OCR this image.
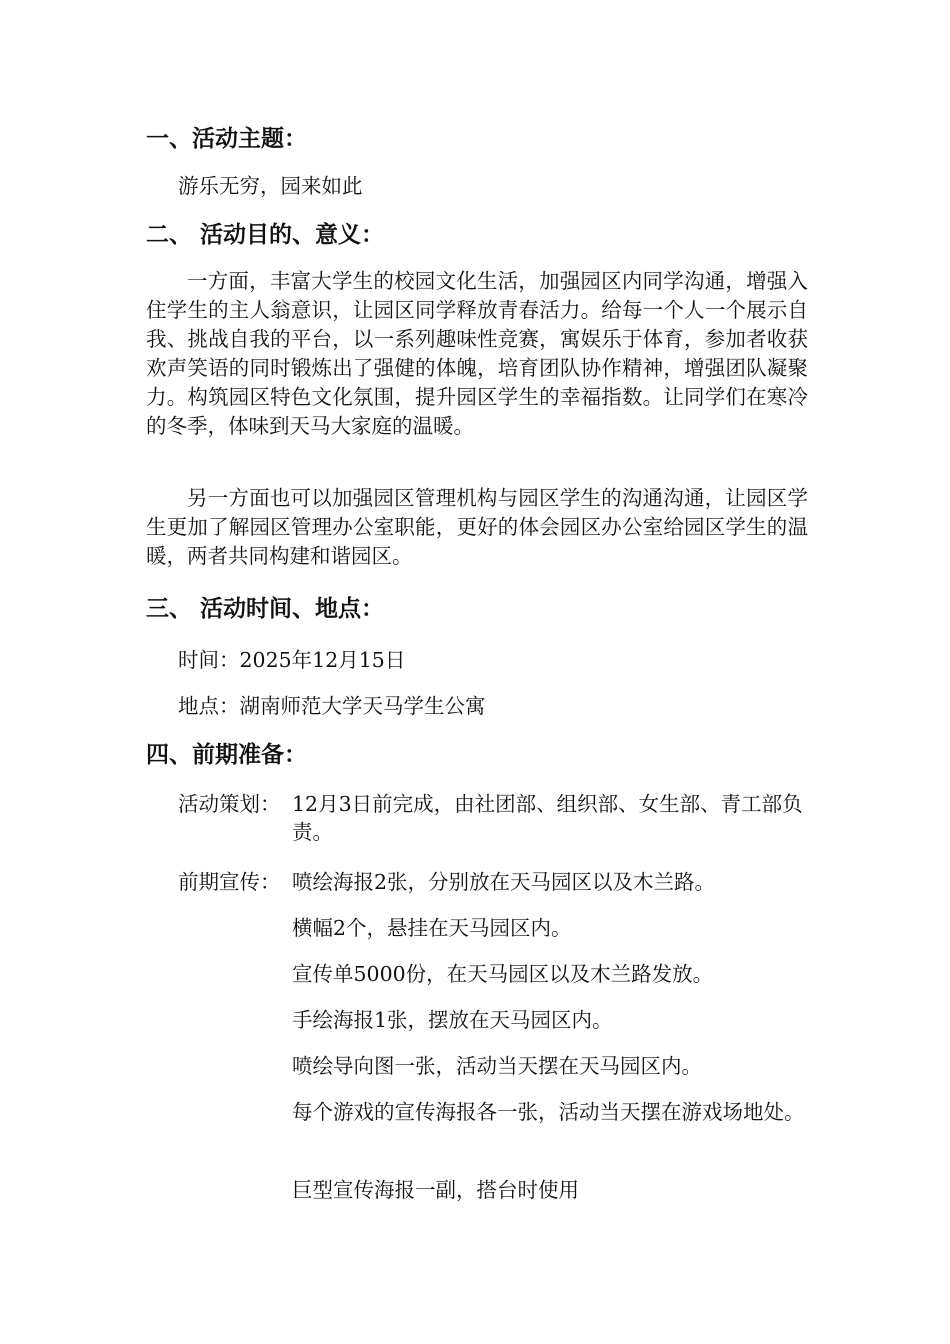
一、活动主题：
游乐无穷，园来如此
二、 活动目的、意义：
一方面，丰富大学生的校园文化生活，加强园区内同学沟通，增强入住学生的主人翁意识，让园区同学释放青春活力。给每一个人一个展示自我、挑战自我的平台，以一系列趣味性竞赛，寓娱乐于体育，参加者收获欢声笑语的同时锻炼出了强健的体魄，培育团队协作精神，增强团队凝聚力。构筑园区特色文化氛围，提升园区学生的幸福指数。让同学们在寒冷的冬季，体味到天马大家庭的温暖。
另一方面也可以加强园区管理机构与园区学生的沟通沟通，让园区学生更加了解园区管理办公室职能，更好的体会园区办公室给园区学生的温暖，两者共同构建和谐园区。
三、 活动时间、地点：
时间：2025年12月15日
地点：湖南师范大学天马学生公寓
四、前期准备：
活动策划： 12月3日前完成，由社团部、组织部、女生部、青工部负责。
前期宣传： 喷绘海报2张，分别放在天马园区以及木兰路。
横幅2个，悬挂在天马园区内。
宣传单5000份，在天马园区以及木兰路发放。
手绘海报1张，摆放在天马园区内。
喷绘导向图一张，活动当天摆在天马园区内。
每个游戏的宣传海报各一张，活动当天摆在游戏场地处。
巨型宣传海报一副，搭台时使用
